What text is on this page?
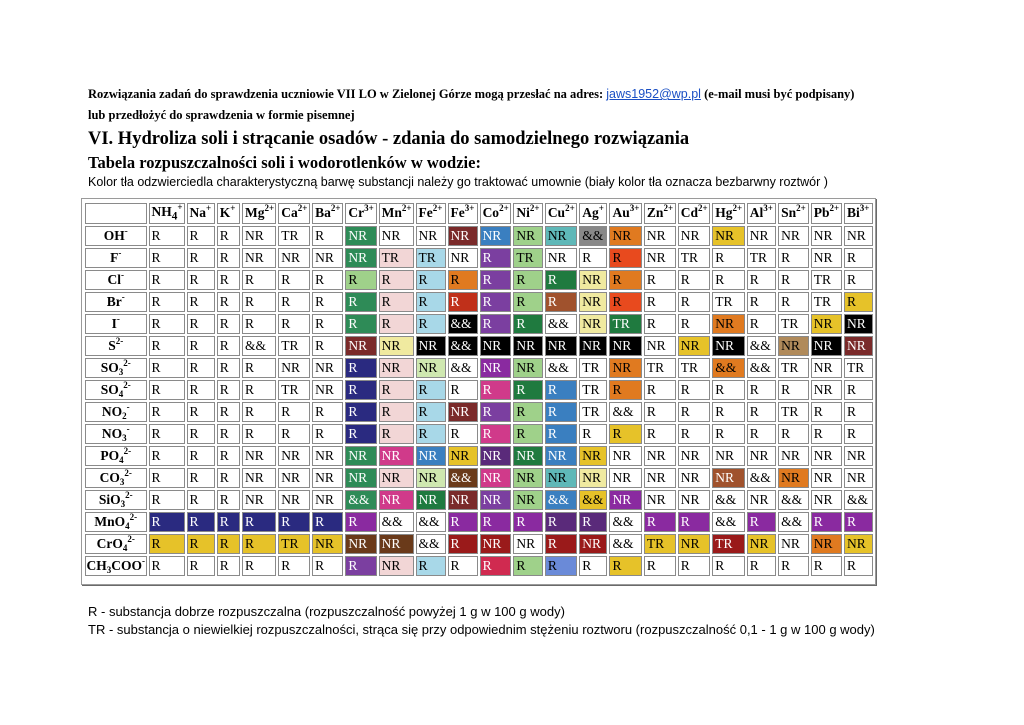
Rozwiązania zadań do sprawdzenia uczniowie VII LO w Zielonej Górze mogą przesłać na adres: jaws1952@wp.pl (e-mail musi być podpisany)

lub przedłożyć do sprawdzenia w formie pisemnej

VI. Hydroliza soli i strącanie osadów - zdania do samodzielnego rozwiązania
Tabela rozpuszczalności soli i wodorotlenków w wodzie:

Kolor tła odzwierciedla charakterystyczną barwę substancji należy go traktować umownie (biały kolor tła oznacza bezbarwny roztwór )

	$NH_4^+$	Na+	K+	$Mg^{2+}$	$Ca^{2+}$	$Ba^{2+}$	$Cr^{3+}$	$Mn^{2+}$	$Fe^{2+}$	$Fe^{3+}$	$Co^{2+}$	$Ni^{2+}$	$Cu^{2+}$	Ag+	$Au^{3+}$	$Zn^{2+}$	$Cd^{2+}$	$Hg^{2+}$	$Al^{3+}$	$Sn^{2+}$	$Pb^{2+}$	$Bi^{3+}$
OH-	R	R	R	NR	TR	R	NR	NR	NR	NR	NR	NR	NR	&&	NR	NR	NR	NR	NR	NR	NR	NR
F-	R	R	R	NR	NR	NR	NR	TR	TR	NR	R	TR	NR	R	R	NR	TR	R	TR	R	NR	R
Cl-	R	R	R	R	R	R	R	R	R	R	R	R	R	NR	R	R	R	R	R	R	TR	R
Br-	R	R	R	R	R	R	R	R	R	R	R	R	R	NR	R	R	R	TR	R	R	TR	R
I-	R	R	R	R	R	R	R	R	R	&&	R	R	&&	NR	TR	R	R	NR	R	TR	NR	NR
$S^{2-}$	R	R	R	&&	TR	R	NR	NR	NR	&&	NR	NR	NR	NR	NR	NR	NR	NR	&&	NR	NR	NR
$SO_3^{2-}$	R	R	R	R	NR	NR	R	NR	NR	&&	NR	NR	&&	TR	NR	TR	TR	&&	&&	TR	NR	TR
$SO_4^{2-}$	R	R	R	R	TR	NR	R	R	R	R	R	R	R	TR	R	R	R	R	R	R	NR	R
$NO_2^-$	R	R	R	R	R	R	R	R	R	NR	R	R	R	TR	&&	R	R	R	R	TR	R	R
$NO_3^-$	R	R	R	R	R	R	R	R	R	R	R	R	R	R	R	R	R	R	R	R	R	R
$PO_4^{2-}$	R	R	R	NR	NR	NR	NR	NR	NR	NR	NR	NR	NR	NR	NR	NR	NR	NR	NR	NR	NR	NR
$CO_3^{2-}$	R	R	R	NR	NR	NR	NR	NR	NR	&&	NR	NR	NR	NR	NR	NR	NR	NR	&&	NR	NR	NR
SiO$_3^{2-}$	R	R	R	NR	NR	NR	&&	NR	NR	NR	NR	NR	&&	&&	NR	NR	NR	&&	NR	&&	NR	&&
MnO$_4^{2-}$	R	R	R	R	R	R	R	&&	&&	R	R	R	R	R	&&	R	R	&&	R	&&	R	R
CrO$_4^{2-}$	R	R	R	R	TR	NR	NR	NR	&&	R	NR	NR	R	NR	&&	TR	NR	TR	NR	NR	NR	NR
$CH_3COO^-$	R	R	R	R	R	R	R	NR	R	R	R	R	R	R	R	R	R	R	R	R	R	R

R - substancja dobrze rozpuszczalna (rozpuszczalność powyżej 1 g w 100 g wody)

TR - substancja o niewielkiej rozpuszczalności, strąca się przy odpowiednim stężeniu roztworu (rozpuszczalność 0,1 - 1 g w 100 g wody)
